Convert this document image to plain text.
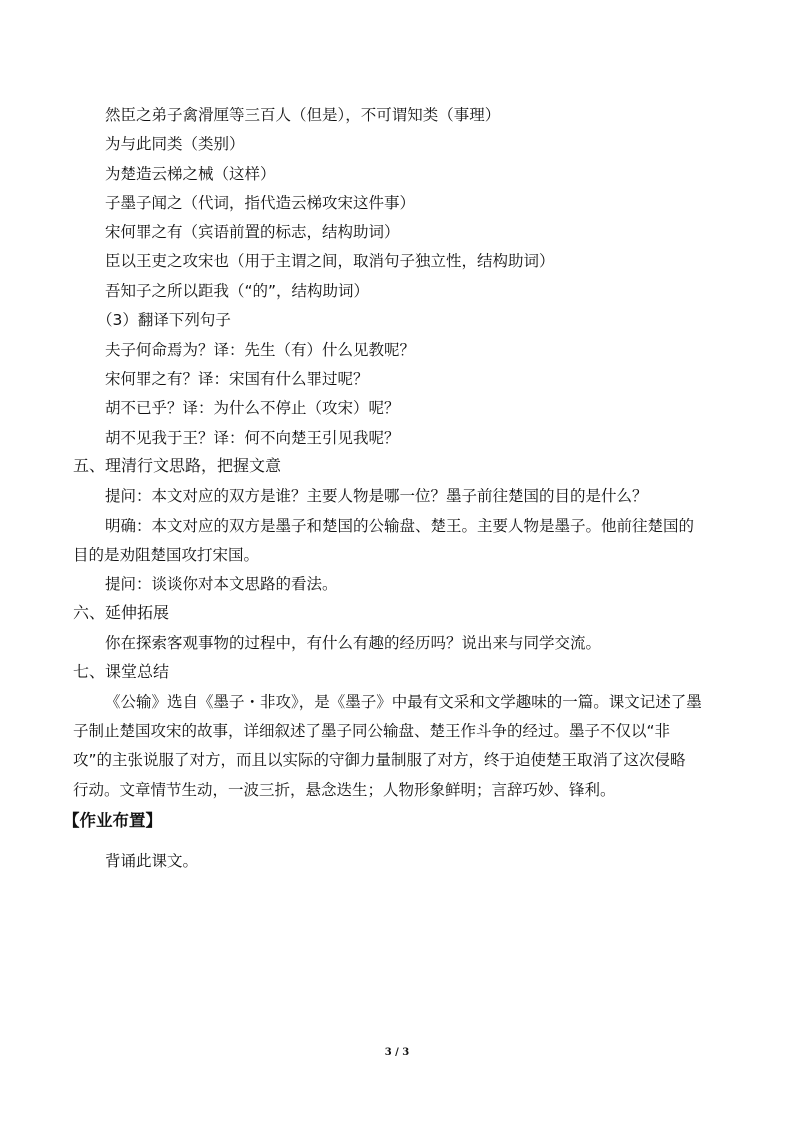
然臣之弟子禽滑厘等三百人（但是），不可谓知类（事理）
为与此同类（类别）
为楚造云梯之械（这样）
子墨子闻之（代词，指代造云梯攻宋这件事）
宋何罪之有（宾语前置的标志，结构助词）
臣以王吏之攻宋也（用于主谓之间，取消句子独立性，结构助词）
吾知子之所以距我（“的”，结构助词）
（3）翻译下列句子
夫子何命焉为？译：先生（有）什么见教呢？
宋何罪之有？译：宋国有什么罪过呢？
胡不已乎？译：为什么不停止（攻宋）呢？
胡不见我于王？译：何不向楚王引见我呢？
五、理清行文思路，把握文意
提问：本文对应的双方是谁？主要人物是哪一位？墨子前往楚国的目的是什么？
明确：本文对应的双方是墨子和楚国的公输盘、楚王。主要人物是墨子。他前往楚国的
目的是劝阻楚国攻打宋国。
提问：谈谈你对本文思路的看法。
六、延伸拓展
你在探索客观事物的过程中，有什么有趣的经历吗？说出来与同学交流。
七、课堂总结
《公输》选自《墨子・非攻》，是《墨子》中最有文采和文学趣味的一篇。课文记述了墨
子制止楚国攻宋的故事，详细叙述了墨子同公输盘、楚王作斗争的经过。墨子不仅以“非
攻”的主张说服了对方，而且以实际的守御力量制服了对方，终于迫使楚王取消了这次侵略
行动。文章情节生动，一波三折，悬念迭生；人物形象鲜明；言辞巧妙、锋利。
【作业布置】
背诵此课文。
3 / 3
